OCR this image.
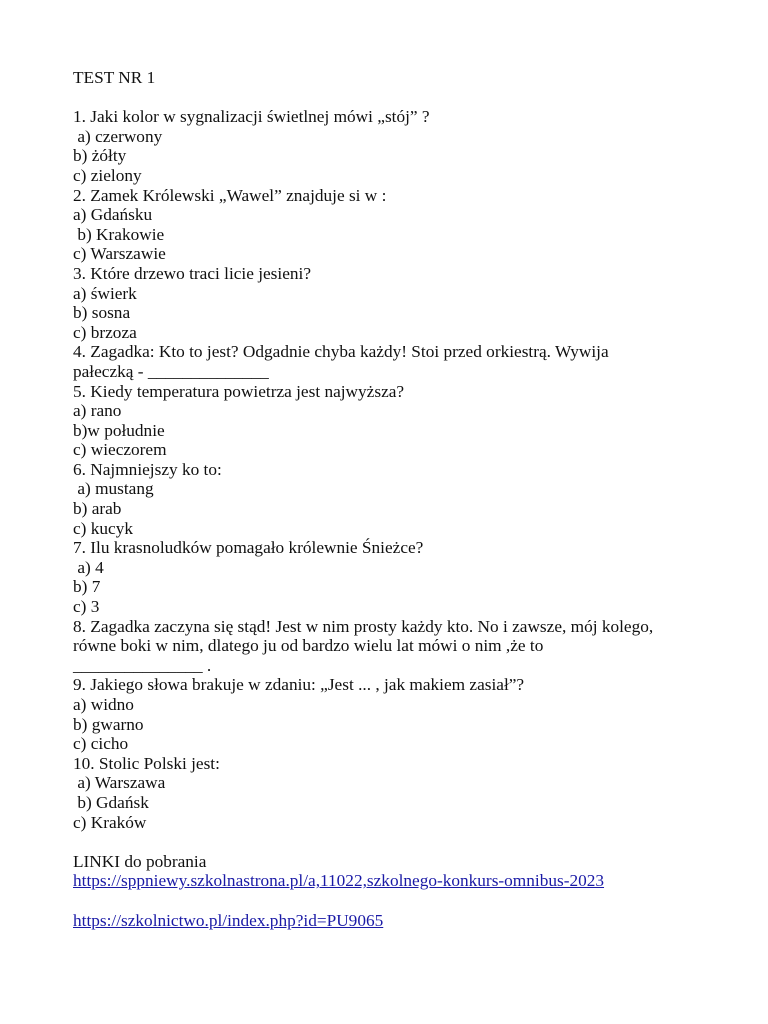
TEST NR 1
1. Jaki kolor w sygnalizacji świetlnej mówi „stój” ?
a) czerwony
b) żółty
c) zielony
2. Zamek Królewski „Wawel” znajduje si w :
a) Gdańsku
b) Krakowie
c) Warszawie
3. Które drzewo traci licie jesieni?
a) świerk
b) sosna
c) brzoza
4. Zagadka: Kto to jest? Odgadnie chyba każdy! Stoi przed orkiestrą. Wywija
pałeczką - ______________
5. Kiedy temperatura powietrza jest najwyższa?
a) rano
b)w południe
c) wieczorem
6. Najmniejszy ko to:
a) mustang
b) arab
c) kucyk
7. Ilu krasnoludków pomagało królewnie Śnieżce?
a) 4
b) 7
c) 3
8. Zagadka zaczyna się stąd! Jest w nim prosty każdy kto. No i zawsze, mój kolego,
równe boki w nim, dlatego ju od bardzo wielu lat mówi o nim ,że to
_______________ .
9. Jakiego słowa brakuje w zdaniu: „Jest ... , jak makiem zasiał”?
a) widno
b) gwarno
c) cicho
10. Stolic Polski jest:
a) Warszawa
b) Gdańsk
c) Kraków
LINKI do pobrania
https://sppniewy.szkolnastrona.pl/a,11022,szkolnego-konkurs-omnibus-2023
https://szkolnictwo.pl/index.php?id=PU9065
